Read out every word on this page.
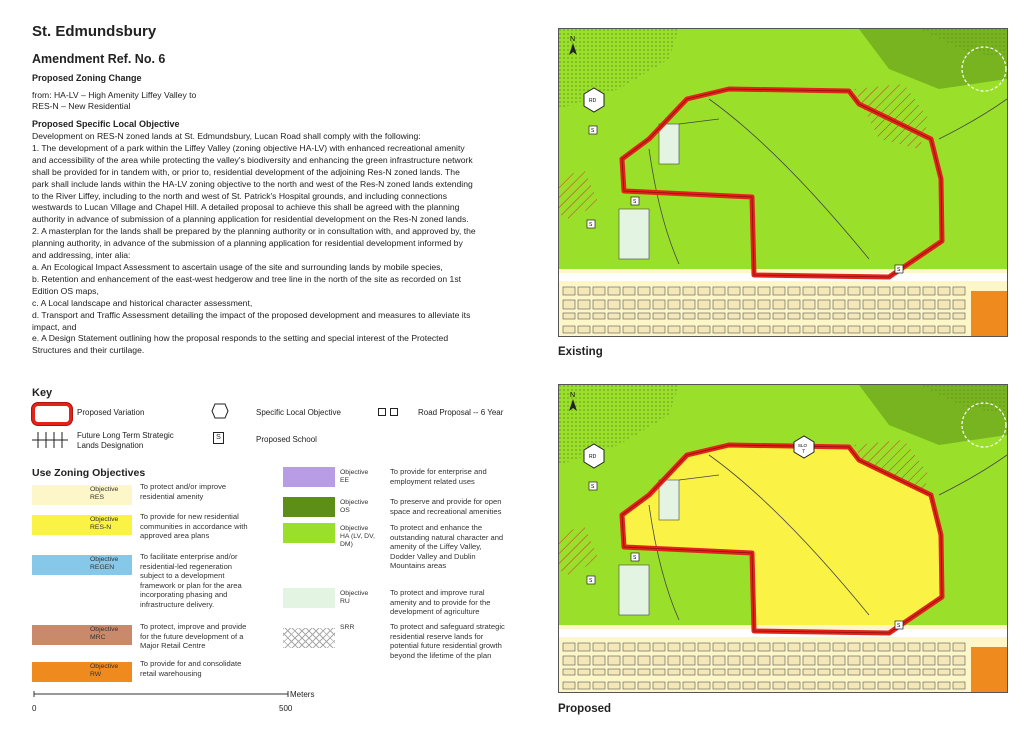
St. Edmundsbury
Amendment Ref. No. 6
Proposed Zoning Change
from: HA-LV – High Amenity Liffey Valley to
RES-N – New Residential
Proposed Specific Local Objective
Development on RES-N zoned lands at St. Edmundsbury, Lucan Road shall comply with the following:
1. The development of a park within the Liffey Valley (zoning objective HA-LV) with enhanced recreational amenity
and accessibility of the area while protecting the valley's biodiversity and enhancing the green infrastructure network
shall be provided for in tandem with, or prior to, residential development of the adjoining Res-N zoned lands. The
park shall include lands within the HA-LV zoning objective to the north and west of the Res-N zoned lands extending
to the River Liffey, including to the north and west of St. Patrick's Hospital grounds, and including connections
westwards to Lucan Village and Chapel Hill. A detailed proposal to achieve this shall be agreed with the planning
authority in advance of submission of a planning application for residential development on the Res-N zoned lands.
2. A masterplan for the lands shall be prepared by the planning authority or in consultation with, and approved by, the
planning authority, in advance of the submission of a planning application for residential development informed by
and addressing, inter alia:
a. An Ecological Impact Assessment to ascertain usage of the site and surrounding lands by mobile species,
b. Retention and enhancement of the east-west hedgerow and tree line in the north of the site as recorded on 1st
Edition OS maps,
c. A Local landscape and historical character assessment,
d. Transport and Traffic Assessment detailing the impact of the proposed development and measures to alleviate its
impact, and
e. A Design Statement outlining how the proposal responds to the setting and special interest of the Protected
Structures and their curtilage.
Key
Proposed Variation
Future Long Term Strategic
Lands Designation
Specific Local Objective
S	Proposed School
Road Proposal -- 6 Year
Use Zoning Objectives
Objective
RES
To protect and/or improve
residential amenity
Objective
RES-N
To provide for new residential
communities in accordance with
approved area plans
Objective
REGEN
To facilitate enterprise and/or
residential-led regeneration
subject to a development
framework or plan for the area
incorporating phasing and
infrastructure delivery.
Objective
MRC
To protect, improve and provide
for the future development of a
Major Retail Centre
Objective
RW
To provide for and consolidate
retail warehousing
Objective
EE
To provide for enterprise and
employment related uses
Objective
OS
To preserve and provide for open
space and recreational amenities
Objective
HA (LV, DV,
DM)
To protect and enhance the
outstanding natural character and
amenity of the Liffey Valley,
Dodder Valley and Dublin
Mountains areas
Objective
RU
To protect and improve rural
amenity and to provide for the
development of agriculture
SRR	To protect and safeguard strategic
residential reserve lands for
potential future residential growth
beyond the lifetime of the plan
0	500
Meters
N
RD
S
S
S
S
Existing
N
SLO
7
RD
S
S
S
S
Proposed
